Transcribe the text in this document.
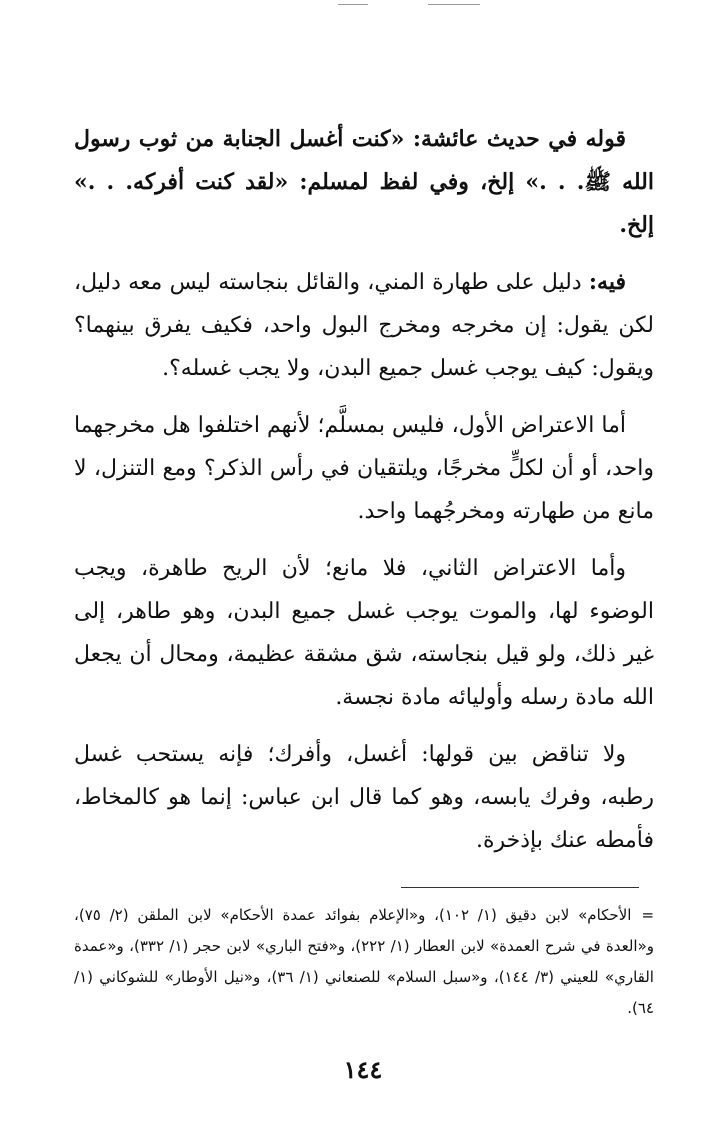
قوله في حديث عائشة: «كنت أغسل الجنابة من ثوب رسول الله ﷺ. . .» إلخ، وفي لفظ لمسلم: «لقد كنت أفركه. . .» إلخ.

فيه: دليل على طهارة المني، والقائل بنجاسته ليس معه دليل، لكن يقول: إن مخرجه ومخرج البول واحد، فكيف يفرق بينهما؟ ويقول: كيف يوجب غسل جميع البدن، ولا يجب غسله؟.

أما الاعتراض الأول، فليس بمسلَّم؛ لأنهم اختلفوا هل مخرجهما واحد، أو أن لكلٍّ مخرجًا، ويلتقيان في رأس الذكر؟ ومع التنزل، لا مانع من طهارته ومخرجُهما واحد.

وأما الاعتراض الثاني، فلا مانع؛ لأن الريح طاهرة، ويجب الوضوء لها، والموت يوجب غسل جميع البدن، وهو طاهر، إلى غير ذلك، ولو قيل بنجاسته، شق مشقة عظيمة، ومحال أن يجعل الله مادة رسله وأوليائه مادة نجسة.

ولا تناقض بين قولها: أغسل، وأفرك؛ فإنه يستحب غسل رطبه، وفرك يابسه، وهو كما قال ابن عباس: إنما هو كالمخاط، فأمطه عنك بإذخرة.

=الأحكام» لابن دقيق (١/ ١٠٢)، و«الإعلام بفوائد عمدة الأحكام» لابن الملقن (٢/ ٧٥)، و«العدة في شرح العمدة» لابن العطار (١/ ٢٢٢)، و«فتح الباري» لابن حجر (١/ ٣٣٢)، و«عمدة القاري» للعيني (٣/ ١٤٤)، و«سبل السلام» للصنعاني (١/ ٣٦)، و«نيل الأوطار» للشوكاني (١/ ٦٤).
١٤٤
